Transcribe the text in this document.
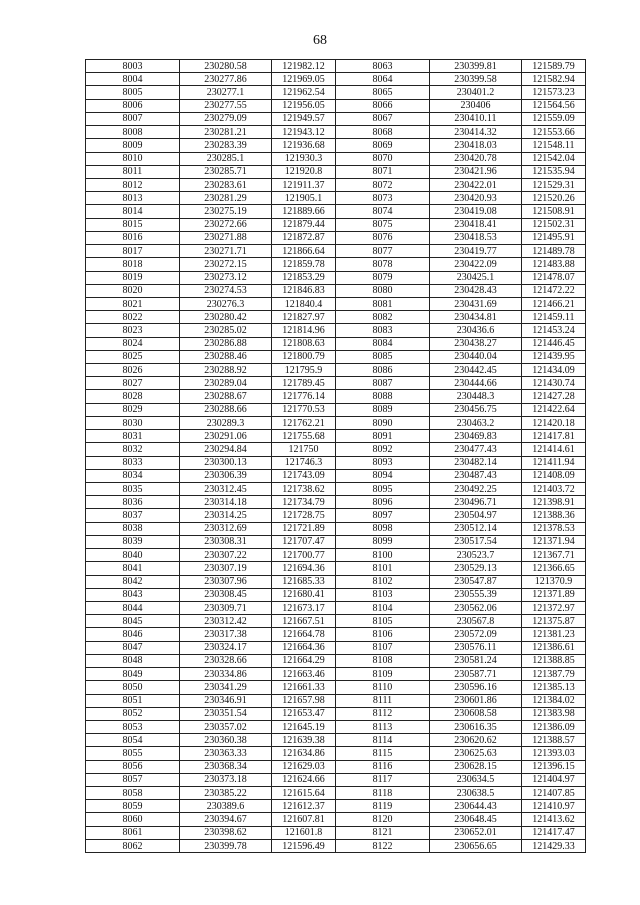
68
8003	230280.58	121982.12	8063	230399.81	121589.79
8004	230277.86	121969.05	8064	230399.58	121582.94
8005	230277.1	121962.54	8065	230401.2	121573.23
8006	230277.55	121956.05	8066	230406	121564.56
8007	230279.09	121949.57	8067	230410.11	121559.09
8008	230281.21	121943.12	8068	230414.32	121553.66
8009	230283.39	121936.68	8069	230418.03	121548.11
8010	230285.1	121930.3	8070	230420.78	121542.04
8011	230285.71	121920.8	8071	230421.96	121535.94
8012	230283.61	121911.37	8072	230422.01	121529.31
8013	230281.29	121905.1	8073	230420.93	121520.26
8014	230275.19	121889.66	8074	230419.08	121508.91
8015	230272.66	121879.44	8075	230418.41	121502.31
8016	230271.88	121872.87	8076	230418.53	121495.91
8017	230271.71	121866.64	8077	230419.77	121489.78
8018	230272.15	121859.78	8078	230422.09	121483.88
8019	230273.12	121853.29	8079	230425.1	121478.07
8020	230274.53	121846.83	8080	230428.43	121472.22
8021	230276.3	121840.4	8081	230431.69	121466.21
8022	230280.42	121827.97	8082	230434.81	121459.11
8023	230285.02	121814.96	8083	230436.6	121453.24
8024	230286.88	121808.63	8084	230438.27	121446.45
8025	230288.46	121800.79	8085	230440.04	121439.95
8026	230288.92	121795.9	8086	230442.45	121434.09
8027	230289.04	121789.45	8087	230444.66	121430.74
8028	230288.67	121776.14	8088	230448.3	121427.28
8029	230288.66	121770.53	8089	230456.75	121422.64
8030	230289.3	121762.21	8090	230463.2	121420.18
8031	230291.06	121755.68	8091	230469.83	121417.81
8032	230294.84	121750	8092	230477.43	121414.61
8033	230300.13	121746.3	8093	230482.14	121411.94
8034	230306.39	121743.09	8094	230487.43	121408.09
8035	230312.45	121738.62	8095	230492.25	121403.72
8036	230314.18	121734.79	8096	230496.71	121398.91
8037	230314.25	121728.75	8097	230504.97	121388.36
8038	230312.69	121721.89	8098	230512.14	121378.53
8039	230308.31	121707.47	8099	230517.54	121371.94
8040	230307.22	121700.77	8100	230523.7	121367.71
8041	230307.19	121694.36	8101	230529.13	121366.65
8042	230307.96	121685.33	8102	230547.87	121370.9
8043	230308.45	121680.41	8103	230555.39	121371.89
8044	230309.71	121673.17	8104	230562.06	121372.97
8045	230312.42	121667.51	8105	230567.8	121375.87
8046	230317.38	121664.78	8106	230572.09	121381.23
8047	230324.17	121664.36	8107	230576.11	121386.61
8048	230328.66	121664.29	8108	230581.24	121388.85
8049	230334.86	121663.46	8109	230587.71	121387.79
8050	230341.29	121661.33	8110	230596.16	121385.13
8051	230346.91	121657.98	8111	230601.86	121384.02
8052	230351.54	121653.47	8112	230608.58	121383.98
8053	230357.02	121645.19	8113	230616.35	121386.09
8054	230360.38	121639.38	8114	230620.62	121388.57
8055	230363.33	121634.86	8115	230625.63	121393.03
8056	230368.34	121629.03	8116	230628.15	121396.15
8057	230373.18	121624.66	8117	230634.5	121404.97
8058	230385.22	121615.64	8118	230638.5	121407.85
8059	230389.6	121612.37	8119	230644.43	121410.97
8060	230394.67	121607.81	8120	230648.45	121413.62
8061	230398.62	121601.8	8121	230652.01	121417.47
8062	230399.78	121596.49	8122	230656.65	121429.33
